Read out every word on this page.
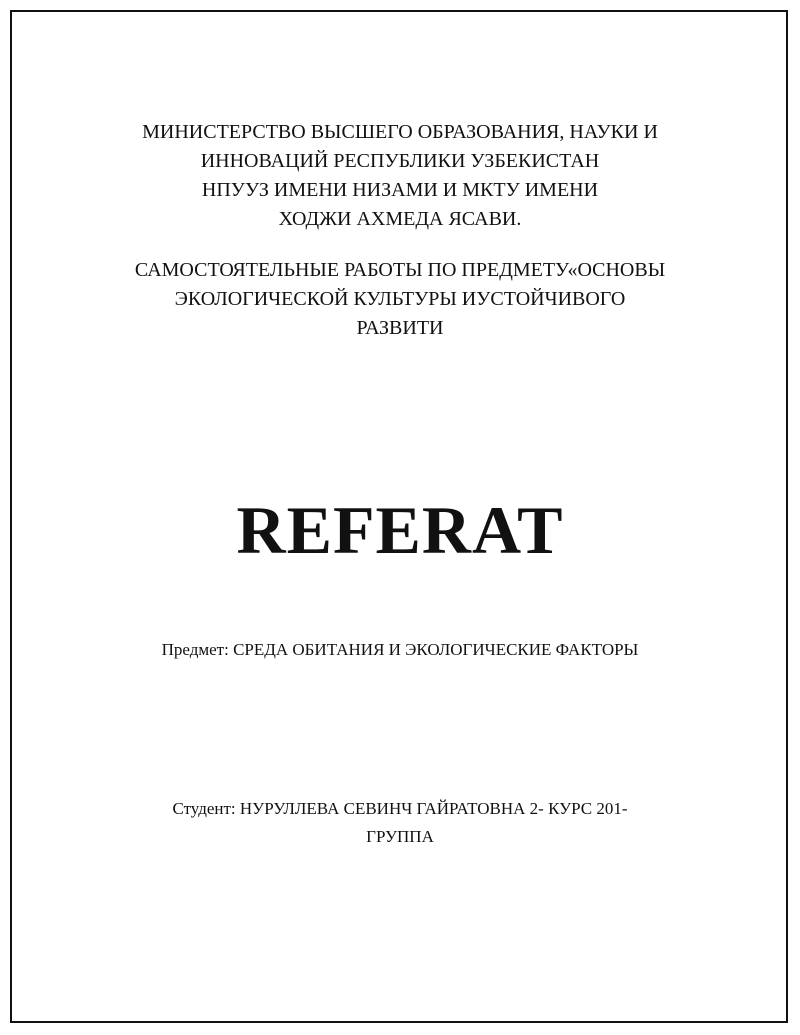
МИНИСТЕРСТВО ВЫСШЕГО ОБРАЗОВАНИЯ, НАУКИ И
ИННОВАЦИЙ РЕСПУБЛИКИ УЗБЕКИСТАН
НПУУЗ ИМЕНИ НИЗАМИ И МКТУ ИМЕНИ
ХОДЖИ АХМЕДА ЯСАВИ.
САМОСТОЯТЕЛЬНЫЕ РАБОТЫ ПО ПРЕДМЕТУ«ОСНОВЫ
ЭКОЛОГИЧЕСКОЙ КУЛЬТУРЫ ИУСТОЙЧИВОГО
РАЗВИТИ
REFERAT
Предмет: СРЕДА ОБИТАНИЯ И ЭКОЛОГИЧЕСКИЕ ФАКТОРЫ
Студент: НУРУЛЛЕВА СЕВИНЧ ГАЙРАТОВНА 2- КУРС 201-
ГРУППА
